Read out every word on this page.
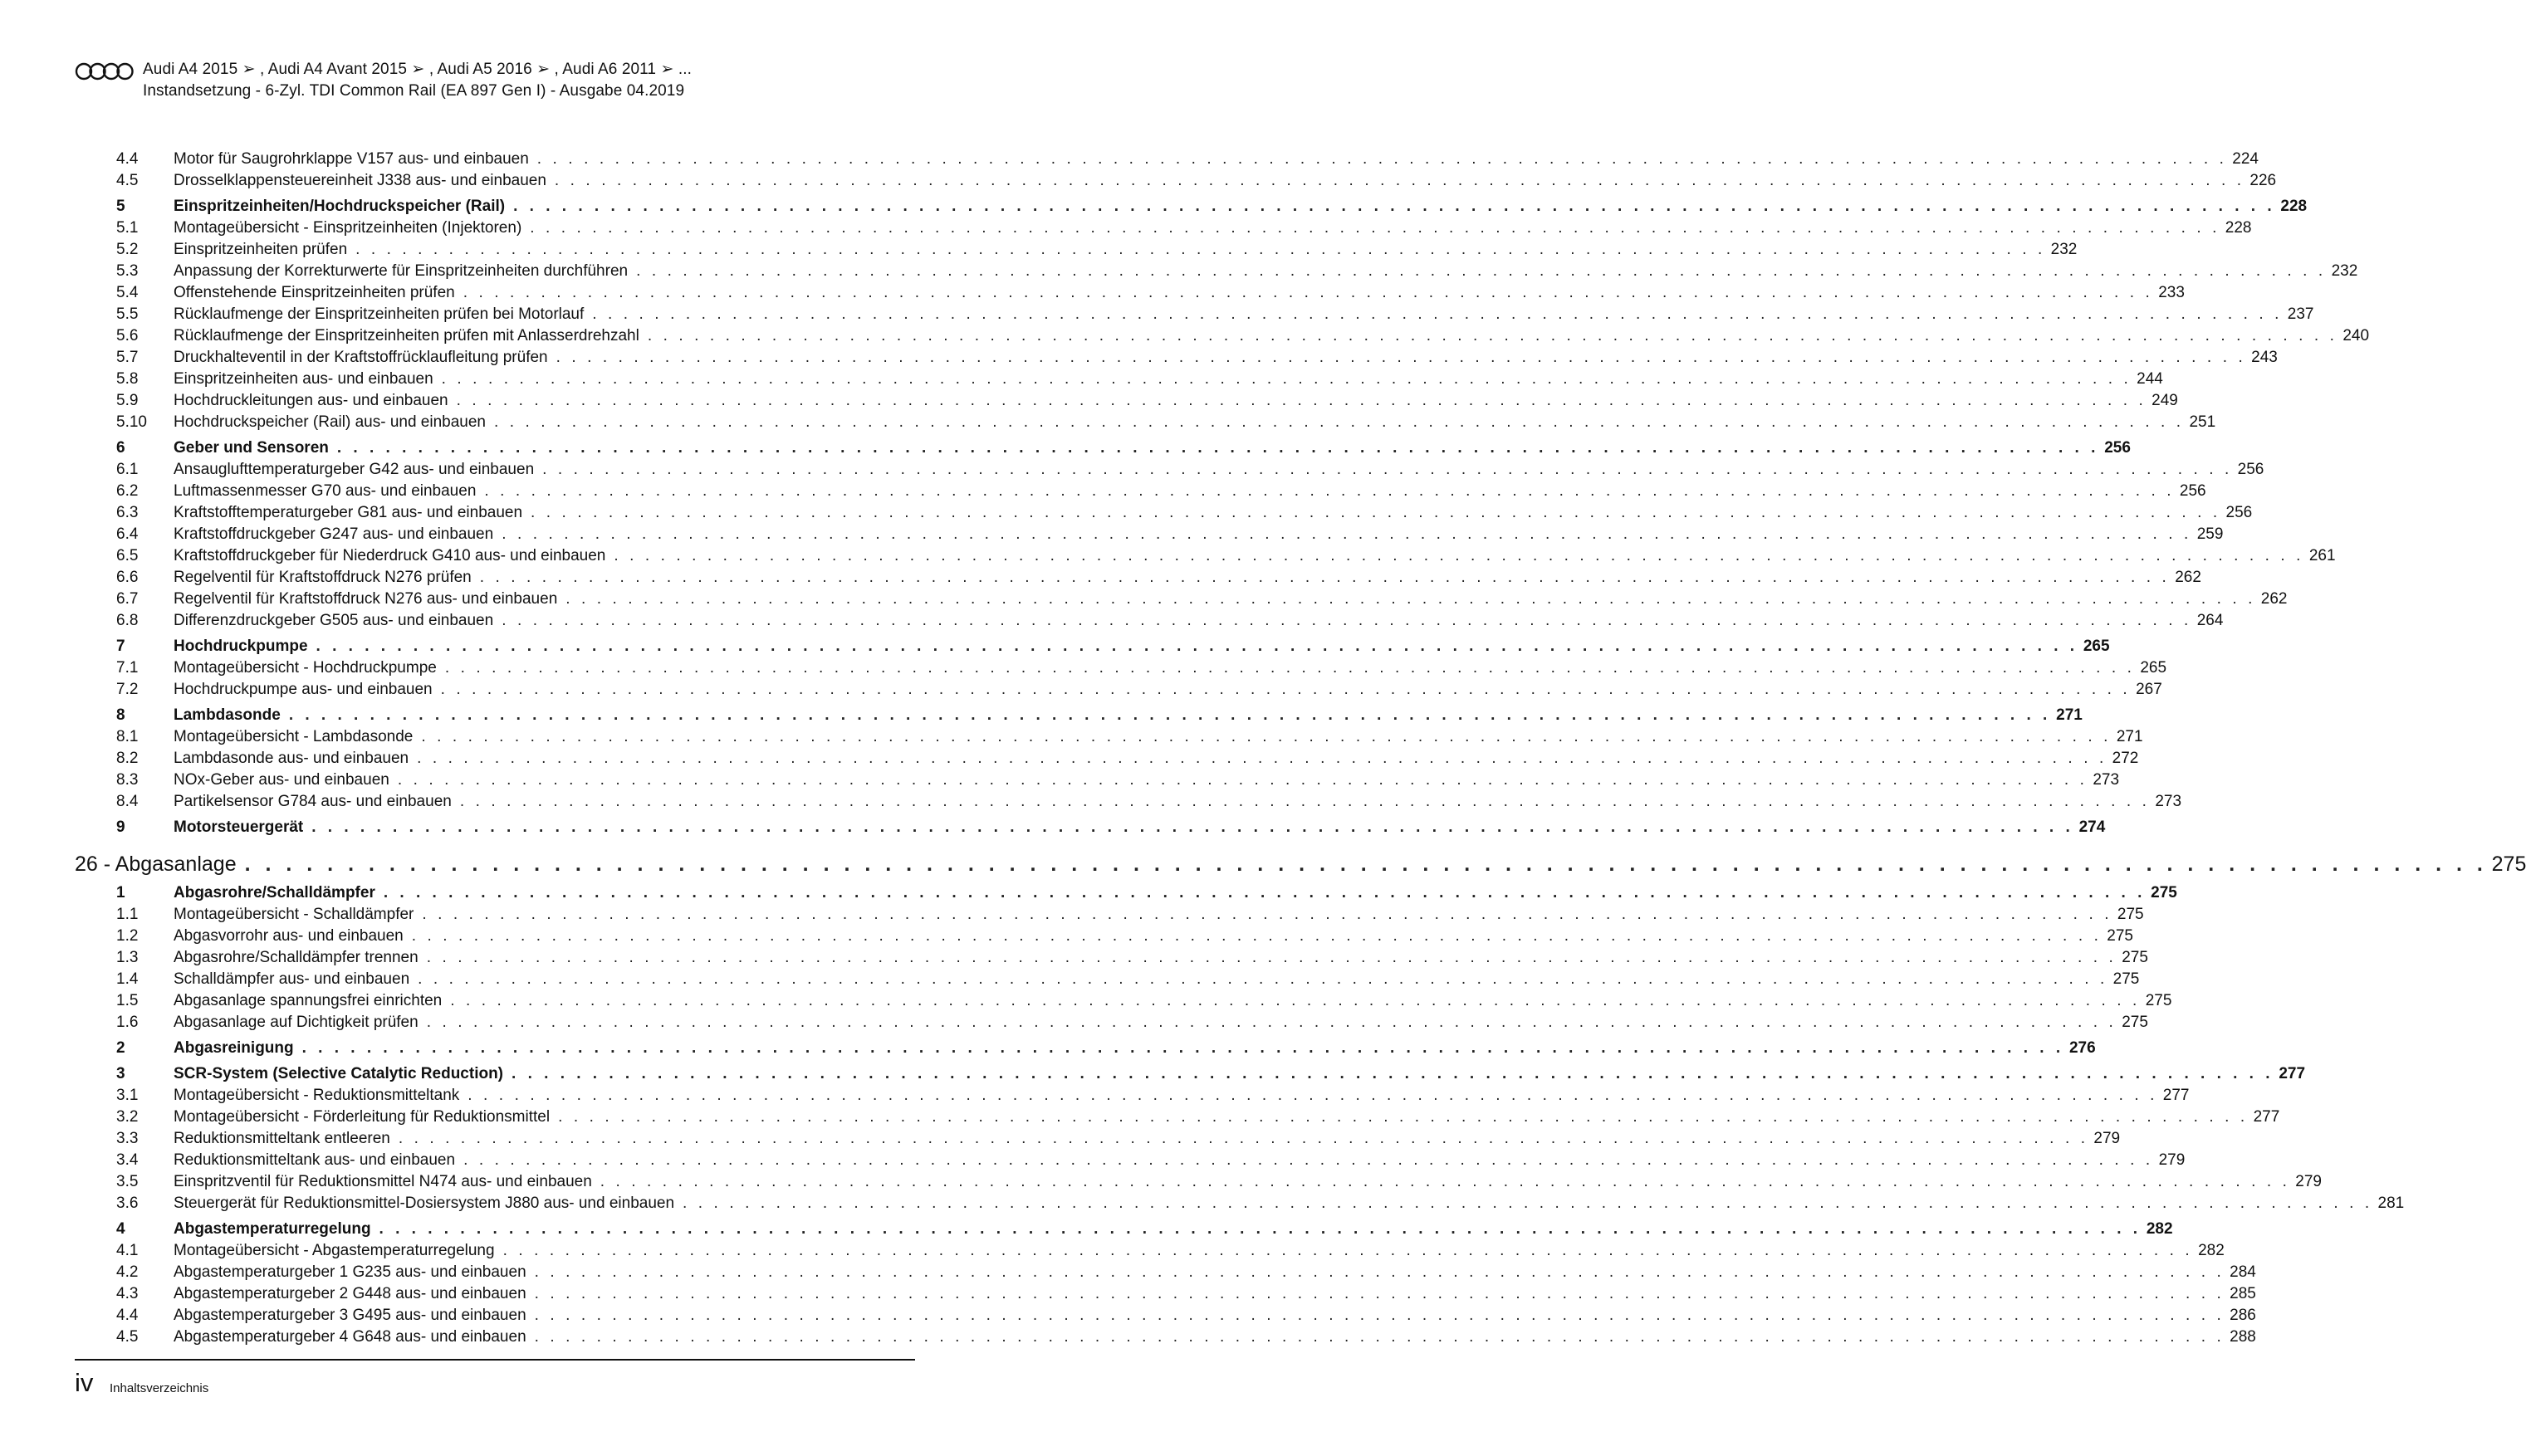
Audi A4 2015 ➢ , Audi A4 Avant 2015 ➢ , Audi A5 2016 ➢ , Audi A6 2011 ➢ ...
Instandsetzung - 6-Zyl. TDI Common Rail (EA 897 Gen I) - Ausgabe 04.2019
4.4	Motor für Saugrohrklappe V157 aus- und einbauen . . . . . . . . . . . . . . . . . . . . . . . . . . . . . . . . . . . . . . . . . . . . . . . . . . . . . . . . . . . . . . . . . . . . . . . . . . . . . . . . . . . . . . . . . . . . . . . . . . . . . . . . . . . . . 224
4.5	Drosselklappensteuereinheit J338 aus- und einbauen . . . . . . . . . . . . . . . . . . . . . . . . . . . . . . . . . . . . . . . . . . . . . . . . . . . . . . . . . . . . . . . . . . . . . . . . . . . . . . . . . . . . . . . . . . . . . . . . . . . . . . . . . . . . . 226
5	Einspritzeinheiten/Hochdruckspeicher (Rail) . . . . . . . . . . . . . . . . . . . . . . . . . . . . . . . . . . . . . . . . . . . . . . . . . . . . . . . . . . . . . . . . . . . . . . . . . . . . . . . . . . . . . . . . . . . . . . . . . . . . . . . . . . . . . 228
5.1	Montageübersicht - Einspritzeinheiten (Injektoren) . . . . . . . . . . . . . . . . . . . . . . . . . . . . . . . . . . . . . . . . . . . . . . . . . . . . . . . . . . . . . . . . . . . . . . . . . . . . . . . . . . . . . . . . . . . . . . . . . . . . . . . . . . . . . 228
5.2	Einspritzeinheiten prüfen . . . . . . . . . . . . . . . . . . . . . . . . . . . . . . . . . . . . . . . . . . . . . . . . . . . . . . . . . . . . . . . . . . . . . . . . . . . . . . . . . . . . . . . . . . . . . . . . . . . . . . . . . . . . . 232
5.3	Anpassung der Korrekturwerte für Einspritzeinheiten durchführen . . . . . . . . . . . . . . . . . . . . . . . . . . . . . . . . . . . . . . . . . . . . . . . . . . . . . . . . . . . . . . . . . . . . . . . . . . . . . . . . . . . . . . . . . . . . . . . . . . . . . . . . . . . . . 232
5.4	Offenstehende Einspritzeinheiten prüfen . . . . . . . . . . . . . . . . . . . . . . . . . . . . . . . . . . . . . . . . . . . . . . . . . . . . . . . . . . . . . . . . . . . . . . . . . . . . . . . . . . . . . . . . . . . . . . . . . . . . . . . . . . . . . 233
5.5	Rücklaufmenge der Einspritzeinheiten prüfen bei Motorlauf . . . . . . . . . . . . . . . . . . . . . . . . . . . . . . . . . . . . . . . . . . . . . . . . . . . . . . . . . . . . . . . . . . . . . . . . . . . . . . . . . . . . . . . . . . . . . . . . . . . . . . . . . . . . . 237
5.6	Rücklaufmenge der Einspritzeinheiten prüfen mit Anlasserdrehzahl . . . . . . . . . . . . . . . . . . . . . . . . . . . . . . . . . . . . . . . . . . . . . . . . . . . . . . . . . . . . . . . . . . . . . . . . . . . . . . . . . . . . . . . . . . . . . . . . . . . . . . . . . . . . . 240
5.7	Druckhalteventil in der Kraftstoffrücklaufleitung prüfen . . . . . . . . . . . . . . . . . . . . . . . . . . . . . . . . . . . . . . . . . . . . . . . . . . . . . . . . . . . . . . . . . . . . . . . . . . . . . . . . . . . . . . . . . . . . . . . . . . . . . . . . . . . . . 243
5.8	Einspritzeinheiten aus- und einbauen . . . . . . . . . . . . . . . . . . . . . . . . . . . . . . . . . . . . . . . . . . . . . . . . . . . . . . . . . . . . . . . . . . . . . . . . . . . . . . . . . . . . . . . . . . . . . . . . . . . . . . . . . . . . . 244
5.9	Hochdruckleitungen aus- und einbauen . . . . . . . . . . . . . . . . . . . . . . . . . . . . . . . . . . . . . . . . . . . . . . . . . . . . . . . . . . . . . . . . . . . . . . . . . . . . . . . . . . . . . . . . . . . . . . . . . . . . . . . . . . . . . 249
5.10	Hochdruckspeicher (Rail) aus- und einbauen . . . . . . . . . . . . . . . . . . . . . . . . . . . . . . . . . . . . . . . . . . . . . . . . . . . . . . . . . . . . . . . . . . . . . . . . . . . . . . . . . . . . . . . . . . . . . . . . . . . . . . . . . . . . . 251
6	Geber und Sensoren . . . . . . . . . . . . . . . . . . . . . . . . . . . . . . . . . . . . . . . . . . . . . . . . . . . . . . . . . . . . . . . . . . . . . . . . . . . . . . . . . . . . . . . . . . . . . . . . . . . . . . . . . . . . . 256
6.1	Ansauglufttemperaturgeber G42 aus- und einbauen . . . . . . . . . . . . . . . . . . . . . . . . . . . . . . . . . . . . . . . . . . . . . . . . . . . . . . . . . . . . . . . . . . . . . . . . . . . . . . . . . . . . . . . . . . . . . . . . . . . . . . . . . . . . . 256
6.2	Luftmassenmesser G70 aus- und einbauen . . . . . . . . . . . . . . . . . . . . . . . . . . . . . . . . . . . . . . . . . . . . . . . . . . . . . . . . . . . . . . . . . . . . . . . . . . . . . . . . . . . . . . . . . . . . . . . . . . . . . . . . . . . . . 256
6.3	Kraftstofftemperaturgeber G81 aus- und einbauen . . . . . . . . . . . . . . . . . . . . . . . . . . . . . . . . . . . . . . . . . . . . . . . . . . . . . . . . . . . . . . . . . . . . . . . . . . . . . . . . . . . . . . . . . . . . . . . . . . . . . . . . . . . . . 256
6.4	Kraftstoffdruckgeber G247 aus- und einbauen . . . . . . . . . . . . . . . . . . . . . . . . . . . . . . . . . . . . . . . . . . . . . . . . . . . . . . . . . . . . . . . . . . . . . . . . . . . . . . . . . . . . . . . . . . . . . . . . . . . . . . . . . . . . . 259
6.5	Kraftstoffdruckgeber für Niederdruck G410 aus- und einbauen . . . . . . . . . . . . . . . . . . . . . . . . . . . . . . . . . . . . . . . . . . . . . . . . . . . . . . . . . . . . . . . . . . . . . . . . . . . . . . . . . . . . . . . . . . . . . . . . . . . . . . . . . . . . . 261
6.6	Regelventil für Kraftstoffdruck N276 prüfen . . . . . . . . . . . . . . . . . . . . . . . . . . . . . . . . . . . . . . . . . . . . . . . . . . . . . . . . . . . . . . . . . . . . . . . . . . . . . . . . . . . . . . . . . . . . . . . . . . . . . . . . . . . . . 262
6.7	Regelventil für Kraftstoffdruck N276 aus- und einbauen . . . . . . . . . . . . . . . . . . . . . . . . . . . . . . . . . . . . . . . . . . . . . . . . . . . . . . . . . . . . . . . . . . . . . . . . . . . . . . . . . . . . . . . . . . . . . . . . . . . . . . . . . . . . . 262
6.8	Differenzdruckgeber G505 aus- und einbauen . . . . . . . . . . . . . . . . . . . . . . . . . . . . . . . . . . . . . . . . . . . . . . . . . . . . . . . . . . . . . . . . . . . . . . . . . . . . . . . . . . . . . . . . . . . . . . . . . . . . . . . . . . . . . 264
7	Hochdruckpumpe . . . . . . . . . . . . . . . . . . . . . . . . . . . . . . . . . . . . . . . . . . . . . . . . . . . . . . . . . . . . . . . . . . . . . . . . . . . . . . . . . . . . . . . . . . . . . . . . . . . . . . . . . . . . . 265
7.1	Montageübersicht - Hochdruckpumpe . . . . . . . . . . . . . . . . . . . . . . . . . . . . . . . . . . . . . . . . . . . . . . . . . . . . . . . . . . . . . . . . . . . . . . . . . . . . . . . . . . . . . . . . . . . . . . . . . . . . . . . . . . . . . 265
7.2	Hochdruckpumpe aus- und einbauen . . . . . . . . . . . . . . . . . . . . . . . . . . . . . . . . . . . . . . . . . . . . . . . . . . . . . . . . . . . . . . . . . . . . . . . . . . . . . . . . . . . . . . . . . . . . . . . . . . . . . . . . . . . . . 267
8	Lambdasonde . . . . . . . . . . . . . . . . . . . . . . . . . . . . . . . . . . . . . . . . . . . . . . . . . . . . . . . . . . . . . . . . . . . . . . . . . . . . . . . . . . . . . . . . . . . . . . . . . . . . . . . . . . . . . 271
8.1	Montageübersicht - Lambdasonde . . . . . . . . . . . . . . . . . . . . . . . . . . . . . . . . . . . . . . . . . . . . . . . . . . . . . . . . . . . . . . . . . . . . . . . . . . . . . . . . . . . . . . . . . . . . . . . . . . . . . . . . . . . . . 271
8.2	Lambdasonde aus- und einbauen . . . . . . . . . . . . . . . . . . . . . . . . . . . . . . . . . . . . . . . . . . . . . . . . . . . . . . . . . . . . . . . . . . . . . . . . . . . . . . . . . . . . . . . . . . . . . . . . . . . . . . . . . . . . . 272
8.3	NOx-Geber aus- und einbauen . . . . . . . . . . . . . . . . . . . . . . . . . . . . . . . . . . . . . . . . . . . . . . . . . . . . . . . . . . . . . . . . . . . . . . . . . . . . . . . . . . . . . . . . . . . . . . . . . . . . . . . . . . . . . 273
8.4	Partikelsensor G784 aus- und einbauen . . . . . . . . . . . . . . . . . . . . . . . . . . . . . . . . . . . . . . . . . . . . . . . . . . . . . . . . . . . . . . . . . . . . . . . . . . . . . . . . . . . . . . . . . . . . . . . . . . . . . . . . . . . . . 273
9	Motorsteuergerät . . . . . . . . . . . . . . . . . . . . . . . . . . . . . . . . . . . . . . . . . . . . . . . . . . . . . . . . . . . . . . . . . . . . . . . . . . . . . . . . . . . . . . . . . . . . . . . . . . . . . . . . . . . . . 274
26 - Abgasanlage . . . . . . . . . . . . . . . . . . . . . . . . . . . . . . . . . . . . . . . . . . . . . . . . . . . . . . . . . . . . . . . . . . . . . . . . . . . . . . . . . . . . . . . . . . . . . . . . . . . . . . . . . . . . . 275
1	Abgasrohre/Schalldämpfer . . . . . . . . . . . . . . . . . . . . . . . . . . . . . . . . . . . . . . . . . . . . . . . . . . . . . . . . . . . . . . . . . . . . . . . . . . . . . . . . . . . . . . . . . . . . . . . . . . . . . . . . . . . . . 275
1.1	Montageübersicht - Schalldämpfer . . . . . . . . . . . . . . . . . . . . . . . . . . . . . . . . . . . . . . . . . . . . . . . . . . . . . . . . . . . . . . . . . . . . . . . . . . . . . . . . . . . . . . . . . . . . . . . . . . . . . . . . . . . . . 275
1.2	Abgasvorrohr aus- und einbauen . . . . . . . . . . . . . . . . . . . . . . . . . . . . . . . . . . . . . . . . . . . . . . . . . . . . . . . . . . . . . . . . . . . . . . . . . . . . . . . . . . . . . . . . . . . . . . . . . . . . . . . . . . . . . 275
1.3	Abgasrohre/Schalldämpfer trennen . . . . . . . . . . . . . . . . . . . . . . . . . . . . . . . . . . . . . . . . . . . . . . . . . . . . . . . . . . . . . . . . . . . . . . . . . . . . . . . . . . . . . . . . . . . . . . . . . . . . . . . . . . . . . 275
1.4	Schalldämpfer aus- und einbauen . . . . . . . . . . . . . . . . . . . . . . . . . . . . . . . . . . . . . . . . . . . . . . . . . . . . . . . . . . . . . . . . . . . . . . . . . . . . . . . . . . . . . . . . . . . . . . . . . . . . . . . . . . . . . 275
1.5	Abgasanlage spannungsfrei einrichten . . . . . . . . . . . . . . . . . . . . . . . . . . . . . . . . . . . . . . . . . . . . . . . . . . . . . . . . . . . . . . . . . . . . . . . . . . . . . . . . . . . . . . . . . . . . . . . . . . . . . . . . . . . . . 275
1.6	Abgasanlage auf Dichtigkeit prüfen . . . . . . . . . . . . . . . . . . . . . . . . . . . . . . . . . . . . . . . . . . . . . . . . . . . . . . . . . . . . . . . . . . . . . . . . . . . . . . . . . . . . . . . . . . . . . . . . . . . . . . . . . . . . . 275
2	Abgasreinigung . . . . . . . . . . . . . . . . . . . . . . . . . . . . . . . . . . . . . . . . . . . . . . . . . . . . . . . . . . . . . . . . . . . . . . . . . . . . . . . . . . . . . . . . . . . . . . . . . . . . . . . . . . . . . 276
3	SCR-System (Selective Catalytic Reduction) . . . . . . . . . . . . . . . . . . . . . . . . . . . . . . . . . . . . . . . . . . . . . . . . . . . . . . . . . . . . . . . . . . . . . . . . . . . . . . . . . . . . . . . . . . . . . . . . . . . . . . . . . . . . . 277
3.1	Montageübersicht - Reduktionsmitteltank . . . . . . . . . . . . . . . . . . . . . . . . . . . . . . . . . . . . . . . . . . . . . . . . . . . . . . . . . . . . . . . . . . . . . . . . . . . . . . . . . . . . . . . . . . . . . . . . . . . . . . . . . . . . . 277
3.2	Montageübersicht - Förderleitung für Reduktionsmittel . . . . . . . . . . . . . . . . . . . . . . . . . . . . . . . . . . . . . . . . . . . . . . . . . . . . . . . . . . . . . . . . . . . . . . . . . . . . . . . . . . . . . . . . . . . . . . . . . . . . . . . . . . . . . 277
3.3	Reduktionsmitteltank entleeren . . . . . . . . . . . . . . . . . . . . . . . . . . . . . . . . . . . . . . . . . . . . . . . . . . . . . . . . . . . . . . . . . . . . . . . . . . . . . . . . . . . . . . . . . . . . . . . . . . . . . . . . . . . . . 279
3.4	Reduktionsmitteltank aus- und einbauen . . . . . . . . . . . . . . . . . . . . . . . . . . . . . . . . . . . . . . . . . . . . . . . . . . . . . . . . . . . . . . . . . . . . . . . . . . . . . . . . . . . . . . . . . . . . . . . . . . . . . . . . . . . . . 279
3.5	Einspritzventil für Reduktionsmittel N474 aus- und einbauen . . . . . . . . . . . . . . . . . . . . . . . . . . . . . . . . . . . . . . . . . . . . . . . . . . . . . . . . . . . . . . . . . . . . . . . . . . . . . . . . . . . . . . . . . . . . . . . . . . . . . . . . . . . . . 279
3.6	Steuergerät für Reduktionsmittel-Dosiersystem J880 aus- und einbauen . . . . . . . . . . . . . . . . . . . . . . . . . . . . . . . . . . . . . . . . . . . . . . . . . . . . . . . . . . . . . . . . . . . . . . . . . . . . . . . . . . . . . . . . . . . . . . . . . . . . . . . . . . . . . 281
4	Abgastemperaturregelung . . . . . . . . . . . . . . . . . . . . . . . . . . . . . . . . . . . . . . . . . . . . . . . . . . . . . . . . . . . . . . . . . . . . . . . . . . . . . . . . . . . . . . . . . . . . . . . . . . . . . . . . . . . . . 282
4.1	Montageübersicht - Abgastemperaturregelung . . . . . . . . . . . . . . . . . . . . . . . . . . . . . . . . . . . . . . . . . . . . . . . . . . . . . . . . . . . . . . . . . . . . . . . . . . . . . . . . . . . . . . . . . . . . . . . . . . . . . . . . . . . . . 282
4.2	Abgastemperaturgeber 1 G235 aus- und einbauen . . . . . . . . . . . . . . . . . . . . . . . . . . . . . . . . . . . . . . . . . . . . . . . . . . . . . . . . . . . . . . . . . . . . . . . . . . . . . . . . . . . . . . . . . . . . . . . . . . . . . . . . . . . . . 284
4.3	Abgastemperaturgeber 2 G448 aus- und einbauen . . . . . . . . . . . . . . . . . . . . . . . . . . . . . . . . . . . . . . . . . . . . . . . . . . . . . . . . . . . . . . . . . . . . . . . . . . . . . . . . . . . . . . . . . . . . . . . . . . . . . . . . . . . . . 285
4.4	Abgastemperaturgeber 3 G495 aus- und einbauen . . . . . . . . . . . . . . . . . . . . . . . . . . . . . . . . . . . . . . . . . . . . . . . . . . . . . . . . . . . . . . . . . . . . . . . . . . . . . . . . . . . . . . . . . . . . . . . . . . . . . . . . . . . . . 286
4.5	Abgastemperaturgeber 4 G648 aus- und einbauen . . . . . . . . . . . . . . . . . . . . . . . . . . . . . . . . . . . . . . . . . . . . . . . . . . . . . . . . . . . . . . . . . . . . . . . . . . . . . . . . . . . . . . . . . . . . . . . . . . . . . . . . . . . . . 288
iv Inhaltsverzeichnis
